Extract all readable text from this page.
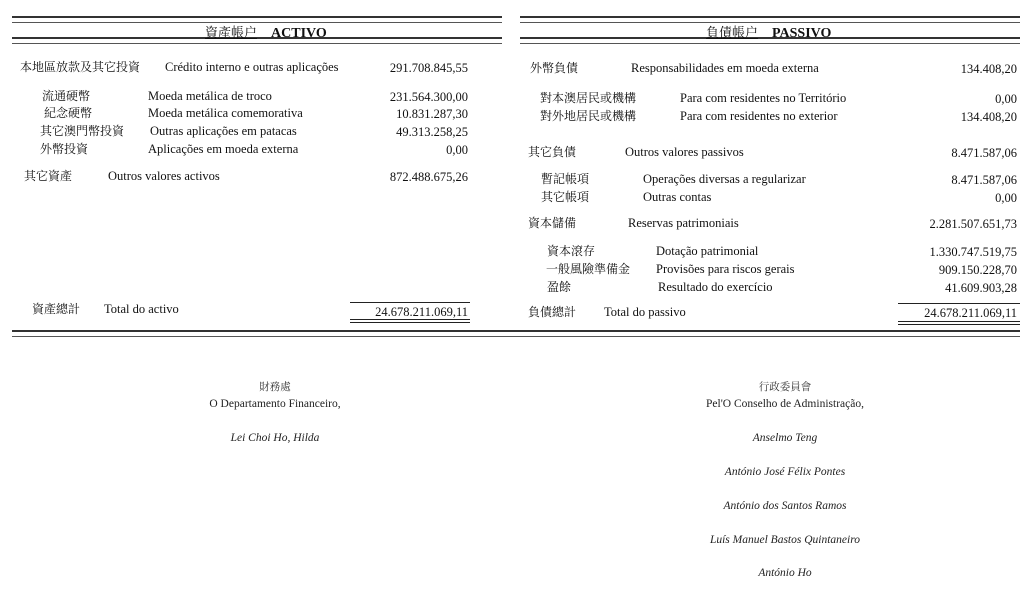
資產帳户 ACTIVO	負債帳户 PASSIVO
本地區放款及其它投資 Crédito interno e outras aplicações	291.708.845,55
流通硬幣	Moeda metálica de troco	231.564.300,00
紀念硬幣	Moeda metálica comemorativa	10.831.287,30
其它澳門幣投資 Outras aplicações em patacas	49.313.258,25
外幣投資	Aplicações em moeda externa	0,00
其它資產	Outros valores activos	872.488.675,26
資產總計 Total do activo	24.678.211.069,11
外幣負債	Responsabilidades em moeda externa	134.408,20
對本澳居民或機構	Para com residentes no Território	0,00
對外地居民或機構	Para com residentes no exterior	134.408,20
其它負債	Outros valores passivos	8.471.587,06
暫記帳項	Operações diversas a regularizar	8.471.587,06
其它帳項	Outras contas	0,00
資本儲備	Reservas patrimoniais	2.281.507.651,73
資本滾存	Dotação patrimonial	1.330.747.519,75
一般風險準備金 Provisões para riscos gerais	909.150.228,70
盈餘	Resultado do exercício	41.609.903,28
負債總計 Total do passivo	24.678.211.069,11
財務處
O Departamento Financeiro,
Lei Choi Ho, Hilda
行政委員會
Pel'O Conselho de Administração,
Anselmo Teng
António José Félix Pontes
António dos Santos Ramos
Luís Manuel Bastos Quintaneiro
António Ho
